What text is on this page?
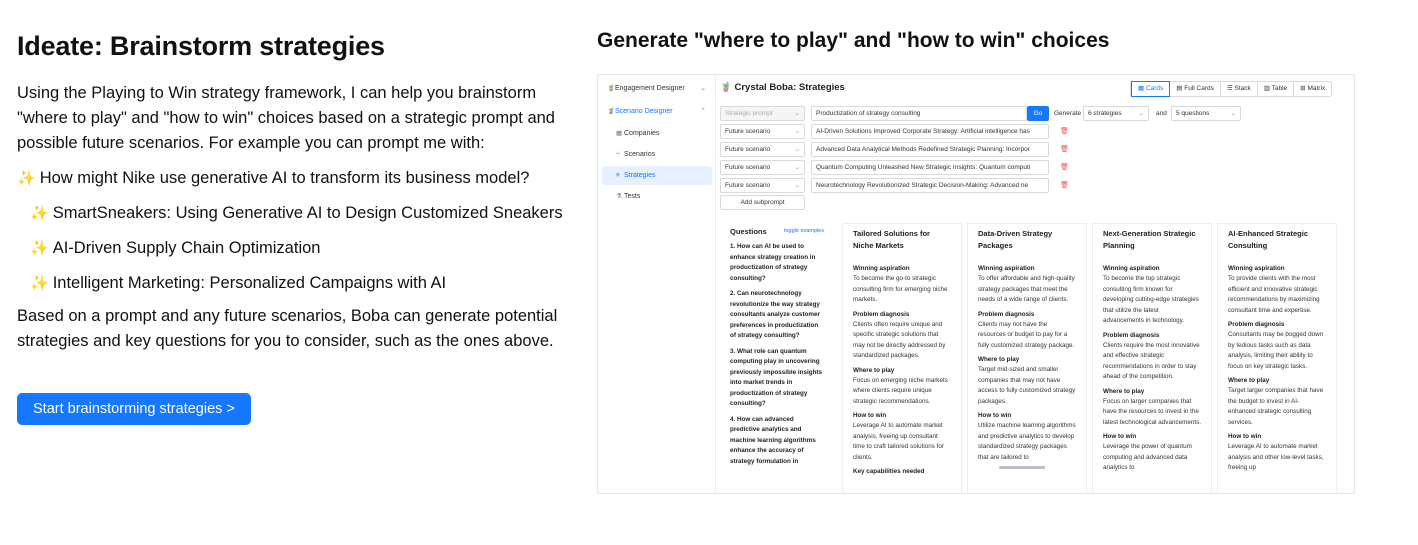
Ideate: Brainstorm strategies

Using the Playing to Win strategy framework, I can help you brainstorm "where to play" and "how to win" choices based on a strategic prompt and possible future scenarios. For example you can prompt me with:

✨ How might Nike use generative AI to transform its business model?
✨ SmartSneakers: Using Generative AI to Design Customized Sneakers
✨ AI-Driven Supply Chain Optimization
✨ Intelligent Marketing: Personalized Campaigns with AI

Based on a prompt and any future scenarios, Boba can generate potential strategies and key questions for you to consider, such as the ones above.

Start brainstorming strategies >
Generate "where to play" and "how to win" choices
🧋Engagement Designer ⌄
🧋Scenario Designer	⌃
▦ Companies
⑂ Scenarios
≡ Strategies
⚗ Tests
🧋 Crystal Boba: Strategies	▦ Cards	▤ Full Cards	☰ Stack	▥ Table	⊞ Matrix
Strategic prompt	⌄	Productization of strategy consulting	Go	Generate	6 strategies	⌄ and	5 questions	⌄
Future scenario	⌄	AI-Driven Solutions Improved Corporate Strategy: Artificial intelligence has	🗑
Future scenario	⌄	Advanced Data Analytical Methods Redefined Strategic Planning: Incorpor	🗑
Future scenario	⌄	Quantum Computing Unleashed New Strategic Insights: Quantum computi	🗑
Future scenario	⌄	Neurotechnology Revolutionized Strategic Decision-Making: Advanced ne	🗑
Add subprompt
Questions	toggle examples
1. How can AI be used to enhance strategy creation in productization of strategy consulting?
2. Can neurotechnology revolutionize the way strategy consultants analyze customer preferences in productization of strategy consulting?
3. What role can quantum computing play in uncovering previously impossible insights into market trends in productization of strategy consulting?
4. How can advanced predictive analytics and machine learning algorithms enhance the accuracy of strategy formulation in
Tailored Solutions for Niche Markets
Winning aspiration
To become the go-to strategic consulting firm for emerging niche markets.
Problem diagnosis
Clients often require unique and specific strategic solutions that may not be directly addressed by standardized packages.
Where to play
Focus on emerging niche markets where clients require unique strategic recommendations.
How to win
Leverage AI to automate market analysis, freeing up consultant time to craft tailored solutions for clients.
Key capabilities needed
Data-Driven Strategy Packages
Winning aspiration
To offer affordable and high-quality strategy packages that meet the needs of a wide range of clients.
Problem diagnosis
Clients may not have the resources or budget to pay for a fully customized strategy package.
Where to play
Target mid-sized and smaller companies that may not have access to fully customized strategy packages.
How to win
Utilize machine learning algorithms and predictive analytics to develop standardized strategy packages that are tailored to
Next-Generation Strategic Planning
Winning aspiration
To become the top strategic consulting firm known for developing cutting-edge strategies that utilize the latest advancements in technology.
Problem diagnosis
Clients require the most innovative and effective strategic recommendations in order to stay ahead of the competition.
Where to play
Focus on larger companies that have the resources to invest in the latest technological advancements.
How to win
Leverage the power of quantum computing and advanced data analytics to
AI-Enhanced Strategic Consulting
Winning aspiration
To provide clients with the most efficient and innovative strategic recommendations by maximizing consultant time and expertise.
Problem diagnosis
Consultants may be bogged down by tedious tasks such as data analysis, limiting their ability to focus on key strategic tasks.
Where to play
Target larger companies that have the budget to invest in AI-enhanced strategic consulting services.
How to win
Leverage AI to automate market analysis and other low-level tasks, freeing up
